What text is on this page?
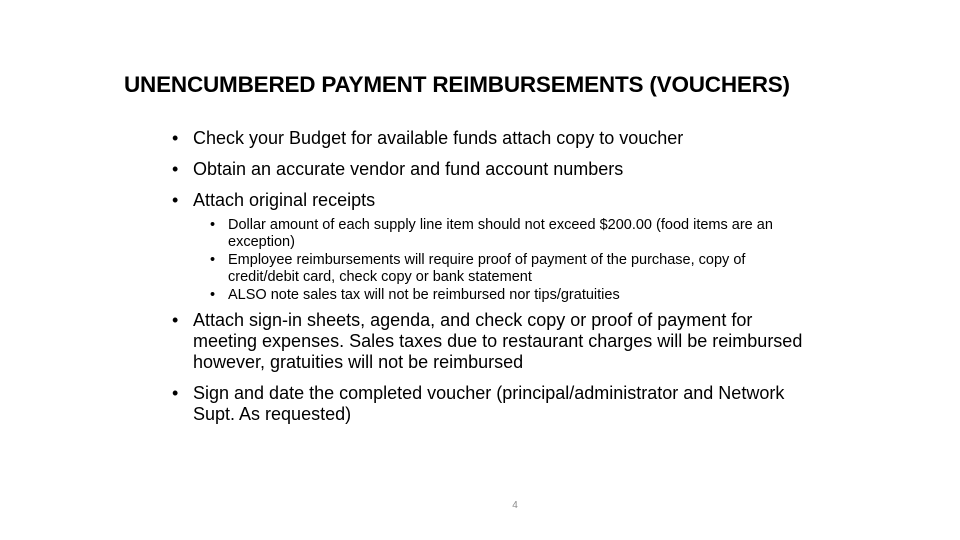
UNENCUMBERED PAYMENT REIMBURSEMENTS (VOUCHERS)
• Check your Budget for available funds attach copy to voucher
• Obtain an accurate vendor and fund account numbers
• Attach original receipts
• Dollar amount of each supply line item should not exceed $200.00 (food items are an exception)
• Employee reimbursements will require proof of payment of the purchase, copy of credit/debit card, check copy or bank statement
• ALSO note sales tax will not be reimbursed nor tips/gratuities
• Attach sign-in sheets, agenda, and check copy or proof of payment for meeting expenses. Sales taxes due to restaurant charges will be reimbursed however, gratuities will not be reimbursed
• Sign and date the completed voucher (principal/administrator and Network Supt. As requested)
4
